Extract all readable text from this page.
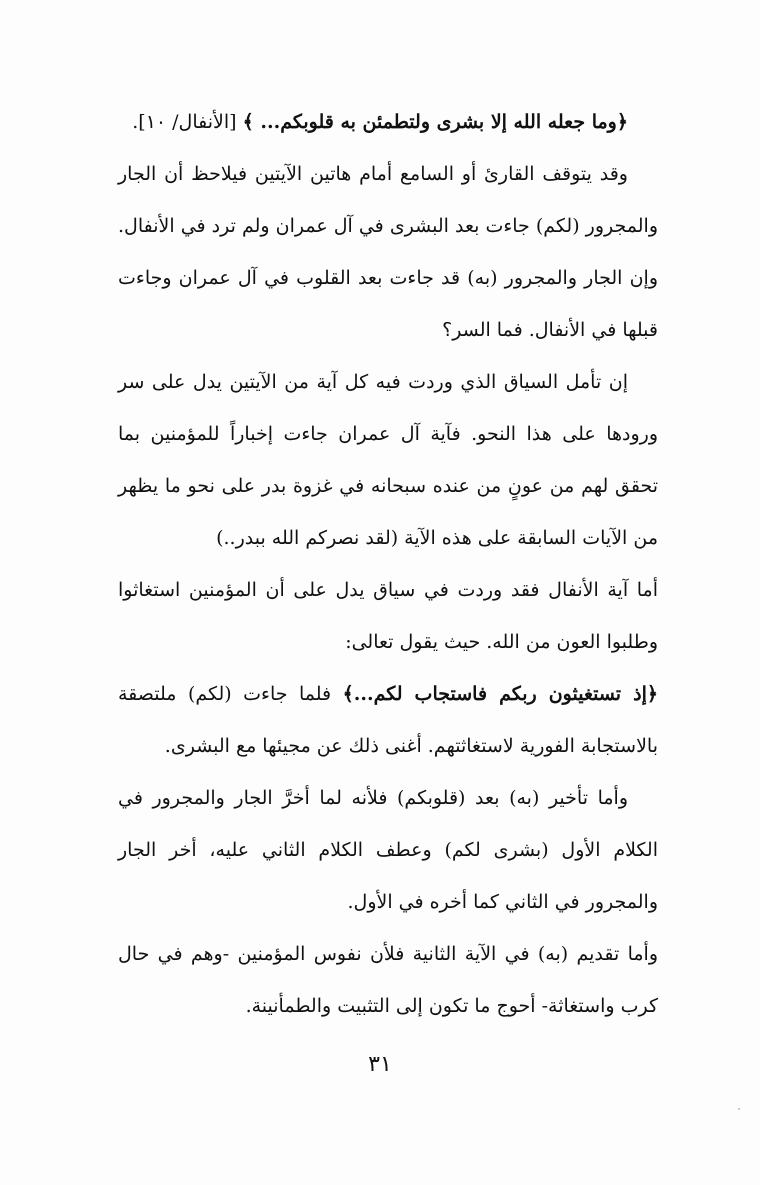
﴿وما جعله الله إلا بشرى ولتطمئن به قلوبكم... ﴾ [الأنفال/ ١٠].

وقد يتوقف القارئ أو السامع أمام هاتين الآيتين فيلاحظ أن الجار والمجرور (لكم) جاءت بعد البشرى في آل عمران ولم ترد في الأنفال. وإن الجار والمجرور (به) قد جاءت بعد القلوب في آل عمران وجاءت قبلها في الأنفال. فما السر؟

إن تأمل السياق الذي وردت فيه كل آية من الآيتين يدل على سر ورودها على هذا النحو. فآية آل عمران جاءت إخباراً للمؤمنين بما تحقق لهم من عونٍ من عنده سبحانه في غزوة بدر على نحو ما يظهر من الآيات السابقة على هذه الآية (لقد نصركم الله ببدر..)

أما آية الأنفال فقد وردت في سياق يدل على أن المؤمنين استغاثوا وطلبوا العون من الله. حيث يقول تعالى:

﴿إذ تستغيثون ربكم فاستجاب لكم...﴾ فلما جاءت (لكم) ملتصقة بالاستجابة الفورية لاستغاثتهم. أغنى ذلك عن مجيئها مع البشرى.

وأما تأخير (به) بعد (قلوبكم) فلأنه لما أخرَّ الجار والمجرور في الكلام الأول (بشرى لكم) وعطف الكلام الثاني عليه، أخر الجار والمجرور في الثاني كما أخره في الأول.

وأما تقديم (به) في الآية الثانية فلأن نفوس المؤمنين -وهم في حال كرب واستغاثة- أحوج ما تكون إلى التثبيت والطمأنينة.

٣١
